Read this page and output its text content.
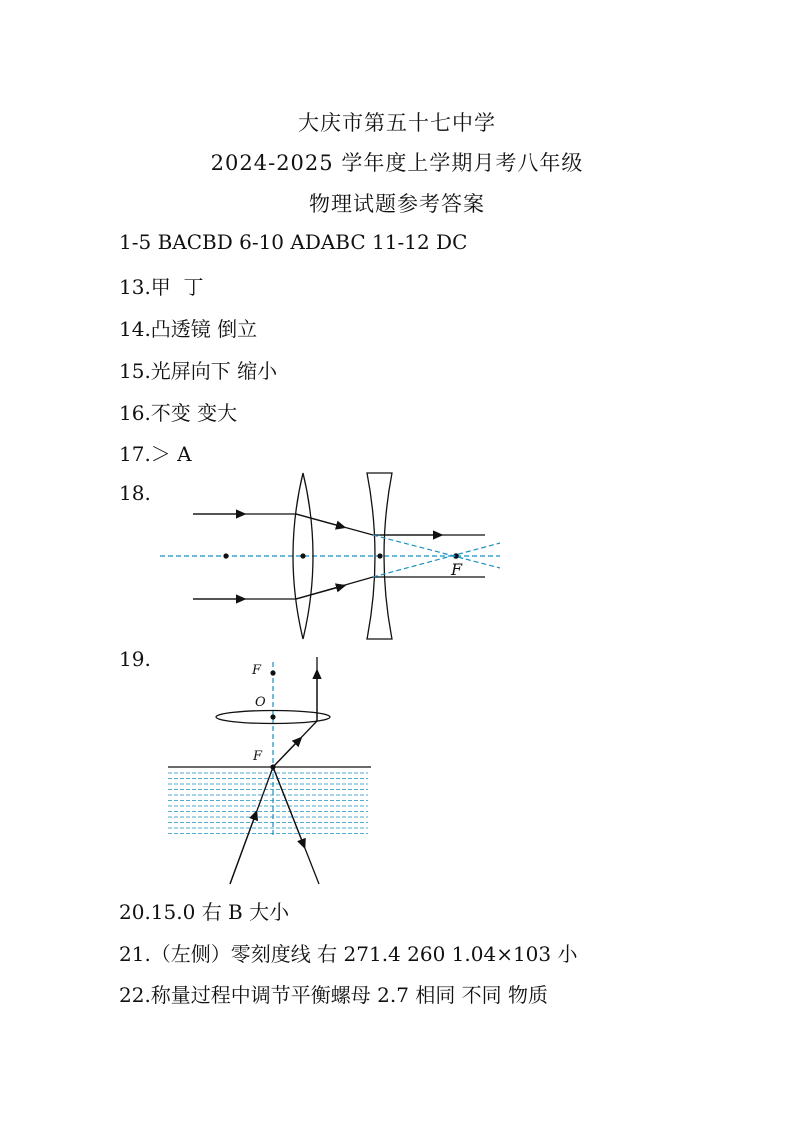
大庆市第五十七中学
2024-2025 学年度上学期月考八年级
物理试题参考答案
1-5 BACBD 6-10 ADABC 11-12 DC
13.甲  丁
14.凸透镜 倒立
15.光屏向下 缩小
16.不变 变大
17.＞ A
18.
19.
20.15.0 右 B 大小
21.（左侧）零刻度线 右 271.4 260 1.04×103 小
22.称量过程中调节平衡螺母 2.7 相同 不同 物质
F
F
O
F
